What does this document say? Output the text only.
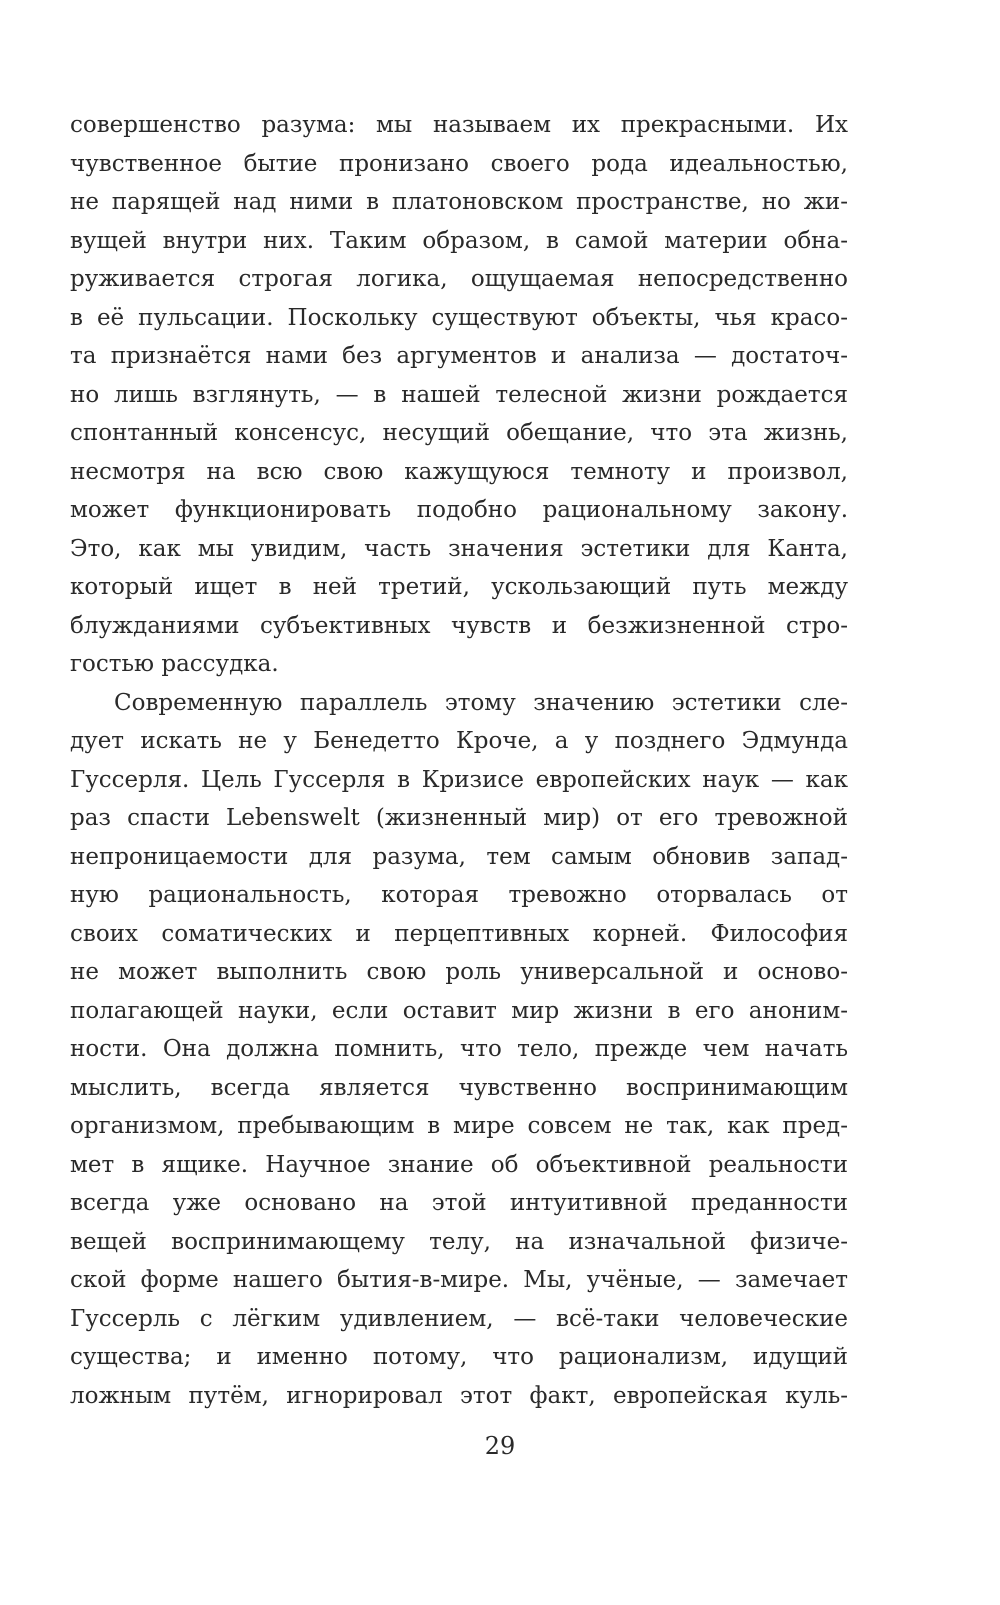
совершенство разума: мы называем их прекрасными. Их
чувственное бытие пронизано своего рода идеальностью,
не парящей над ними в платоновском пространстве, но жи-
вущей внутри них. Таким образом, в самой материи обна-
руживается строгая логика, ощущаемая непосредственно
в её пульсации. Поскольку существуют объекты, чья красо-
та признаётся нами без аргументов и анализа — достаточ-
но лишь взглянуть, — в нашей телесной жизни рождается
спонтанный консенсус, несущий обещание, что эта жизнь,
несмотря на всю свою кажущуюся темноту и произвол,
может функционировать подобно рациональному закону.
Это, как мы увидим, часть значения эстетики для Канта,
который ищет в ней третий, ускользающий путь между
блужданиями субъективных чувств и безжизненной стро-
гостью рассудка.
Современную параллель этому значению эстетики сле-
дует искать не у Бенедетто Кроче, а у позднего Эдмунда
Гуссерля. Цель Гуссерля в Кризисе европейских наук — как
раз спасти Lebenswelt (жизненный мир) от его тревожной
непроницаемости для разума, тем самым обновив запад-
ную рациональность, которая тревожно оторвалась от
своих соматических и перцептивных корней. Философия
не может выполнить свою роль универсальной и осново-
полагающей науки, если оставит мир жизни в его аноним-
ности. Она должна помнить, что тело, прежде чем начать
мыслить, всегда является чувственно воспринимающим
организмом, пребывающим в мире совсем не так, как пред-
мет в ящике. Научное знание об объективной реальности
всегда уже основано на этой интуитивной преданности
вещей воспринимающему телу, на изначальной физиче-
ской форме нашего бытия-в-мире. Мы, учёные, — замечает
Гуссерль с лёгким удивлением, — всё-таки человеческие
существа; и именно потому, что рационализм, идущий
ложным путём, игнорировал этот факт, европейская куль-
29
